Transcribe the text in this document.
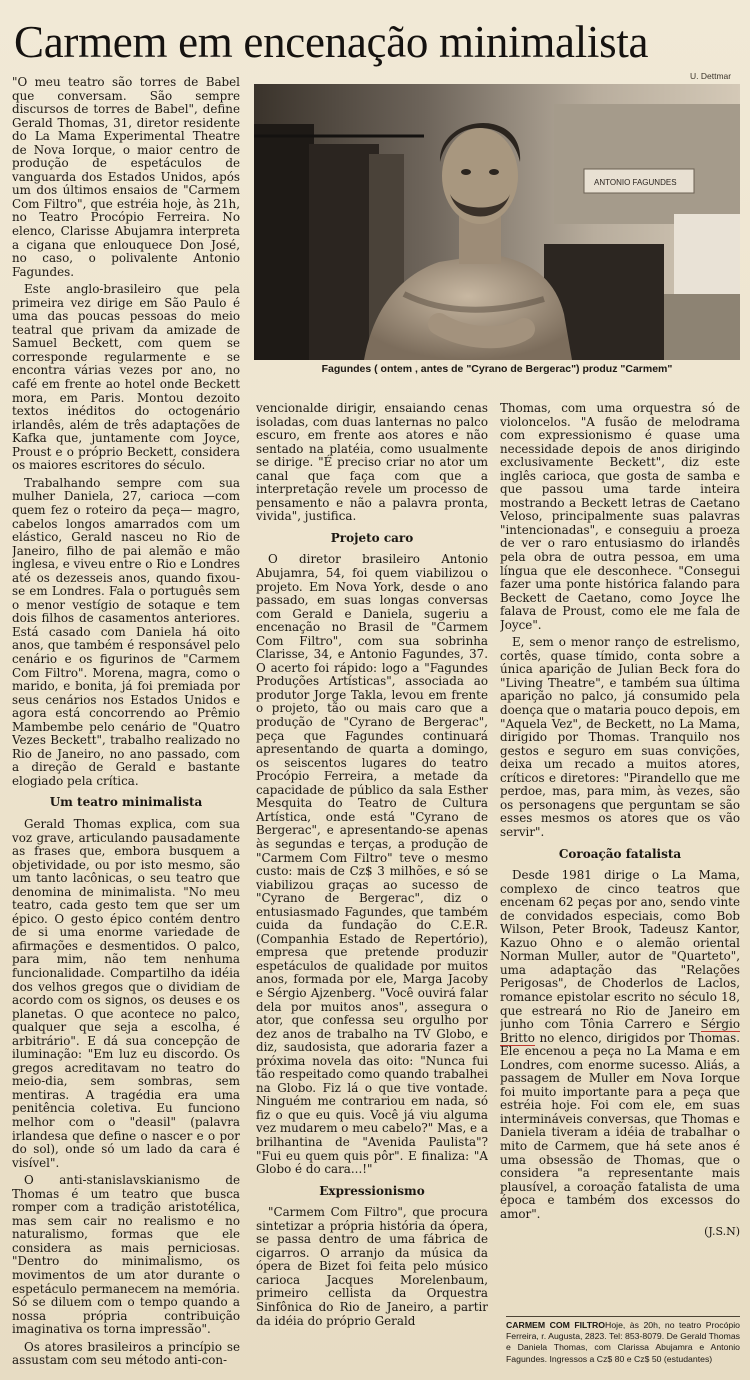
Carmem em encenação minimalista
U. Dettmar
ANTONIO FAGUNDES
Fagundes ( ontem , antes de "Cyrano de Bergerac") produz "Carmem"

"O meu teatro são torres de Babel que conversam. São sempre discursos de torres de Babel", define Gerald Thomas, 31, diretor residente do La Mama Experimental Theatre de Nova Iorque, o maior centro de produção de espetáculos de vanguarda dos Estados Unidos, após um dos últimos ensaios de "Carmem Com Filtro", que estréia hoje, às 21h, no Teatro Procópio Ferreira. No elenco, Clarisse Abujamra interpreta a cigana que enlouquece Don José, no caso, o polivalente Antonio Fagundes.

Este anglo-brasileiro que pela primeira vez dirige em São Paulo é uma das poucas pessoas do meio teatral que privam da amizade de Samuel Beckett, com quem se corresponde regularmente e se encontra várias vezes por ano, no café em frente ao hotel onde Beckett mora, em Paris. Montou dezoito textos inéditos do octogenário irlandês, além de três adaptações de Kafka que, juntamente com Joyce, Proust e o próprio Beckett, considera os maiores escritores do século.

Trabalhando sempre com sua mulher Daniela, 27, carioca —com quem fez o roteiro da peça— magro, cabelos longos amarrados com um elástico, Gerald nasceu no Rio de Janeiro, filho de pai alemão e mão inglesa, e viveu entre o Rio e Londres até os dezesseis anos, quando fixou-se em Londres. Fala o português sem o menor vestígio de sotaque e tem dois filhos de casamentos anteriores. Está casado com Daniela há oito anos, que também é responsável pelo cenário e os figurinos de "Carmem Com Filtro". Morena, magra, como o marido, e bonita, já foi premiada por seus cenários nos Estados Unidos e agora está concorrendo ao Prêmio Mambembe pelo cenário de "Quatro Vezes Beckett", trabalho realizado no Rio de Janeiro, no ano passado, com a direção de Gerald e bastante elogiado pela crítica.

Um teatro minimalista

Gerald Thomas explica, com sua voz grave, articulando pausadamente as frases que, embora busquem a objetividade, ou por isto mesmo, são um tanto lacônicas, o seu teatro que denomina de minimalista. "No meu teatro, cada gesto tem que ser um épico. O gesto épico contém dentro de si uma enorme variedade de afirmações e desmentidos. O palco, para mim, não tem nenhuma funcionalidade. Compartilho da idéia dos velhos gregos que o dividiam de acordo com os signos, os deuses e os planetas. O que acontece no palco, qualquer que seja a escolha, é arbitrário". E dá sua concepção de iluminação: "Em luz eu discordo. Os gregos acreditavam no teatro do meio-dia, sem sombras, sem mentiras. A tragédia era uma penitência coletiva. Eu funciono melhor com o "deasil" (palavra irlandesa que define o nascer e o por do sol), onde só um lado da cara é visível".

O anti-stanislavskianismo de Thomas é um teatro que busca romper com a tradição aristotélica, mas sem cair no realismo e no naturalismo, formas que ele considera as mais perniciosas. "Dentro do minimalismo, os movimentos de um ator durante o espetáculo permanecem na memória. Só se diluem com o tempo quando a nossa própria contribuição imaginativa os torna impressão".

Os atores brasileiros a princípio se assustam com seu método anti-con-

vencionalde dirigir, ensaiando cenas isoladas, com duas lanternas no palco escuro, em frente aos atores e não sentado na platéia, como usualmente se dirige. "É preciso criar no ator um canal que faça com que a interpretação revele um processo de pensamento e não a palavra pronta, vivida", justifica.

Projeto caro

O diretor brasileiro Antonio Abujamra, 54, foi quem viabilizou o projeto. Em Nova York, desde o ano passado, em suas longas conversas com Gerald e Daniela, sugeriu a encenação no Brasil de "Carmem Com Filtro", com sua sobrinha Clarisse, 34, e Antonio Fagundes, 37. O acerto foi rápido: logo a "Fagundes Produções Artísticas", associada ao produtor Jorge Takla, levou em frente o projeto, tão ou mais caro que a produção de "Cyrano de Bergerac", peça que Fagundes continuará apresentando de quarta a domingo, os seiscentos lugares do teatro Procópio Ferreira, a metade da capacidade de público da sala Esther Mesquita do Teatro de Cultura Artística, onde está "Cyrano de Bergerac", e apresentando-se apenas às segundas e terças, a produção de "Carmem Com Filtro" teve o mesmo custo: mais de Cz$ 3 milhões, e só se viabilizou graças ao sucesso de "Cyrano de Bergerac", diz o entusiasmado Fagundes, que também cuida da fundação do C.E.R. (Companhia Estado de Repertório), empresa que pretende produzir espetáculos de qualidade por muitos anos, formada por ele, Marga Jacoby e Sérgio Ajzenberg. "Você ouvirá falar dela por muitos anos", assegura o ator, que confessa seu orgulho por dez anos de trabalho na TV Globo, e diz, saudosista, que adoraria fazer a próxima novela das oito: "Nunca fui tão respeitado como quando trabalhei na Globo. Fiz lá o que tive vontade. Ninguém me contrariou em nada, só fiz o que eu quis. Você já viu alguma vez mudarem o meu cabelo?" Mas, e a brilhantina de "Avenida Paulista"? "Fui eu quem quis pôr". E finaliza: "A Globo é do cara...!"

Expressionismo

"Carmem Com Filtro", que procura sintetizar a própria história da ópera, se passa dentro de uma fábrica de cigarros. O arranjo da música da ópera de Bizet foi feita pelo músico carioca Jacques Morelenbaum, primeiro cellista da Orquestra Sinfônica do Rio de Janeiro, a partir da idéia do próprio Gerald

Thomas, com uma orquestra só de violoncelos. "A fusão de melodrama com expressionismo é quase uma necessidade depois de anos dirigindo exclusivamente Beckett", diz este inglês carioca, que gosta de samba e que passou uma tarde inteira mostrando a Beckett letras de Caetano Veloso, principalmente suas palavras "intencionadas", e conseguiu a proeza de ver o raro entusiasmo do irlandês pela obra de outra pessoa, em uma língua que ele desconhece. "Consegui fazer uma ponte histórica falando para Beckett de Caetano, como Joyce lhe falava de Proust, como ele me fala de Joyce".

E, sem o menor ranço de estrelismo, cortês, quase tímido, conta sobre a única aparição de Julian Beck fora do "Living Theatre", e também sua última aparição no palco, já consumido pela doença que o mataria pouco depois, em "Aquela Vez", de Beckett, no La Mama, dirigido por Thomas. Tranquilo nos gestos e seguro em suas convições, deixa um recado a muitos atores, críticos e diretores: "Pirandello que me perdoe, mas, para mim, às vezes, são os personagens que perguntam se são esses mesmos os atores que os vão servir".

Coroação fatalista

Desde 1981 dirige o La Mama, complexo de cinco teatros que encenam 62 peças por ano, sendo vinte de convidados especiais, como Bob Wilson, Peter Brook, Tadeusz Kantor, Kazuo Ohno e o alemão oriental Norman Muller, autor de "Quarteto", uma adaptação das "Relações Perigosas", de Choderlos de Laclos, romance epistolar escrito no século 18, que estreará no Rio de Janeiro em junho com Tônia Carrero e Sérgio Britto no elenco, dirigidos por Thomas. Ele encenou a peça no La Mama e em Londres, com enorme sucesso. Aliás, a passagem de Muller em Nova Iorque foi muito importante para a peça que estréia hoje. Foi com ele, em suas intermináveis conversas, que Thomas e Daniela tiveram a idéia de trabalhar o mito de Carmem, que há sete anos é uma obsessão de Thomas, que o considera "a representante mais plausível, a coroação fatalista de uma época e também dos excessos do amor".

(J.S.N)
CARMEM COM FILTROHoje, às 20h, no teatro Procópio Ferreira, r. Augusta, 2823. Tel: 853-8079. De Gerald Thomas e Daniela Thomas, com Clarissa Abujamra e Antonio Fagundes. Ingressos a Cz$ 80 e Cz$ 50 (estudantes)
